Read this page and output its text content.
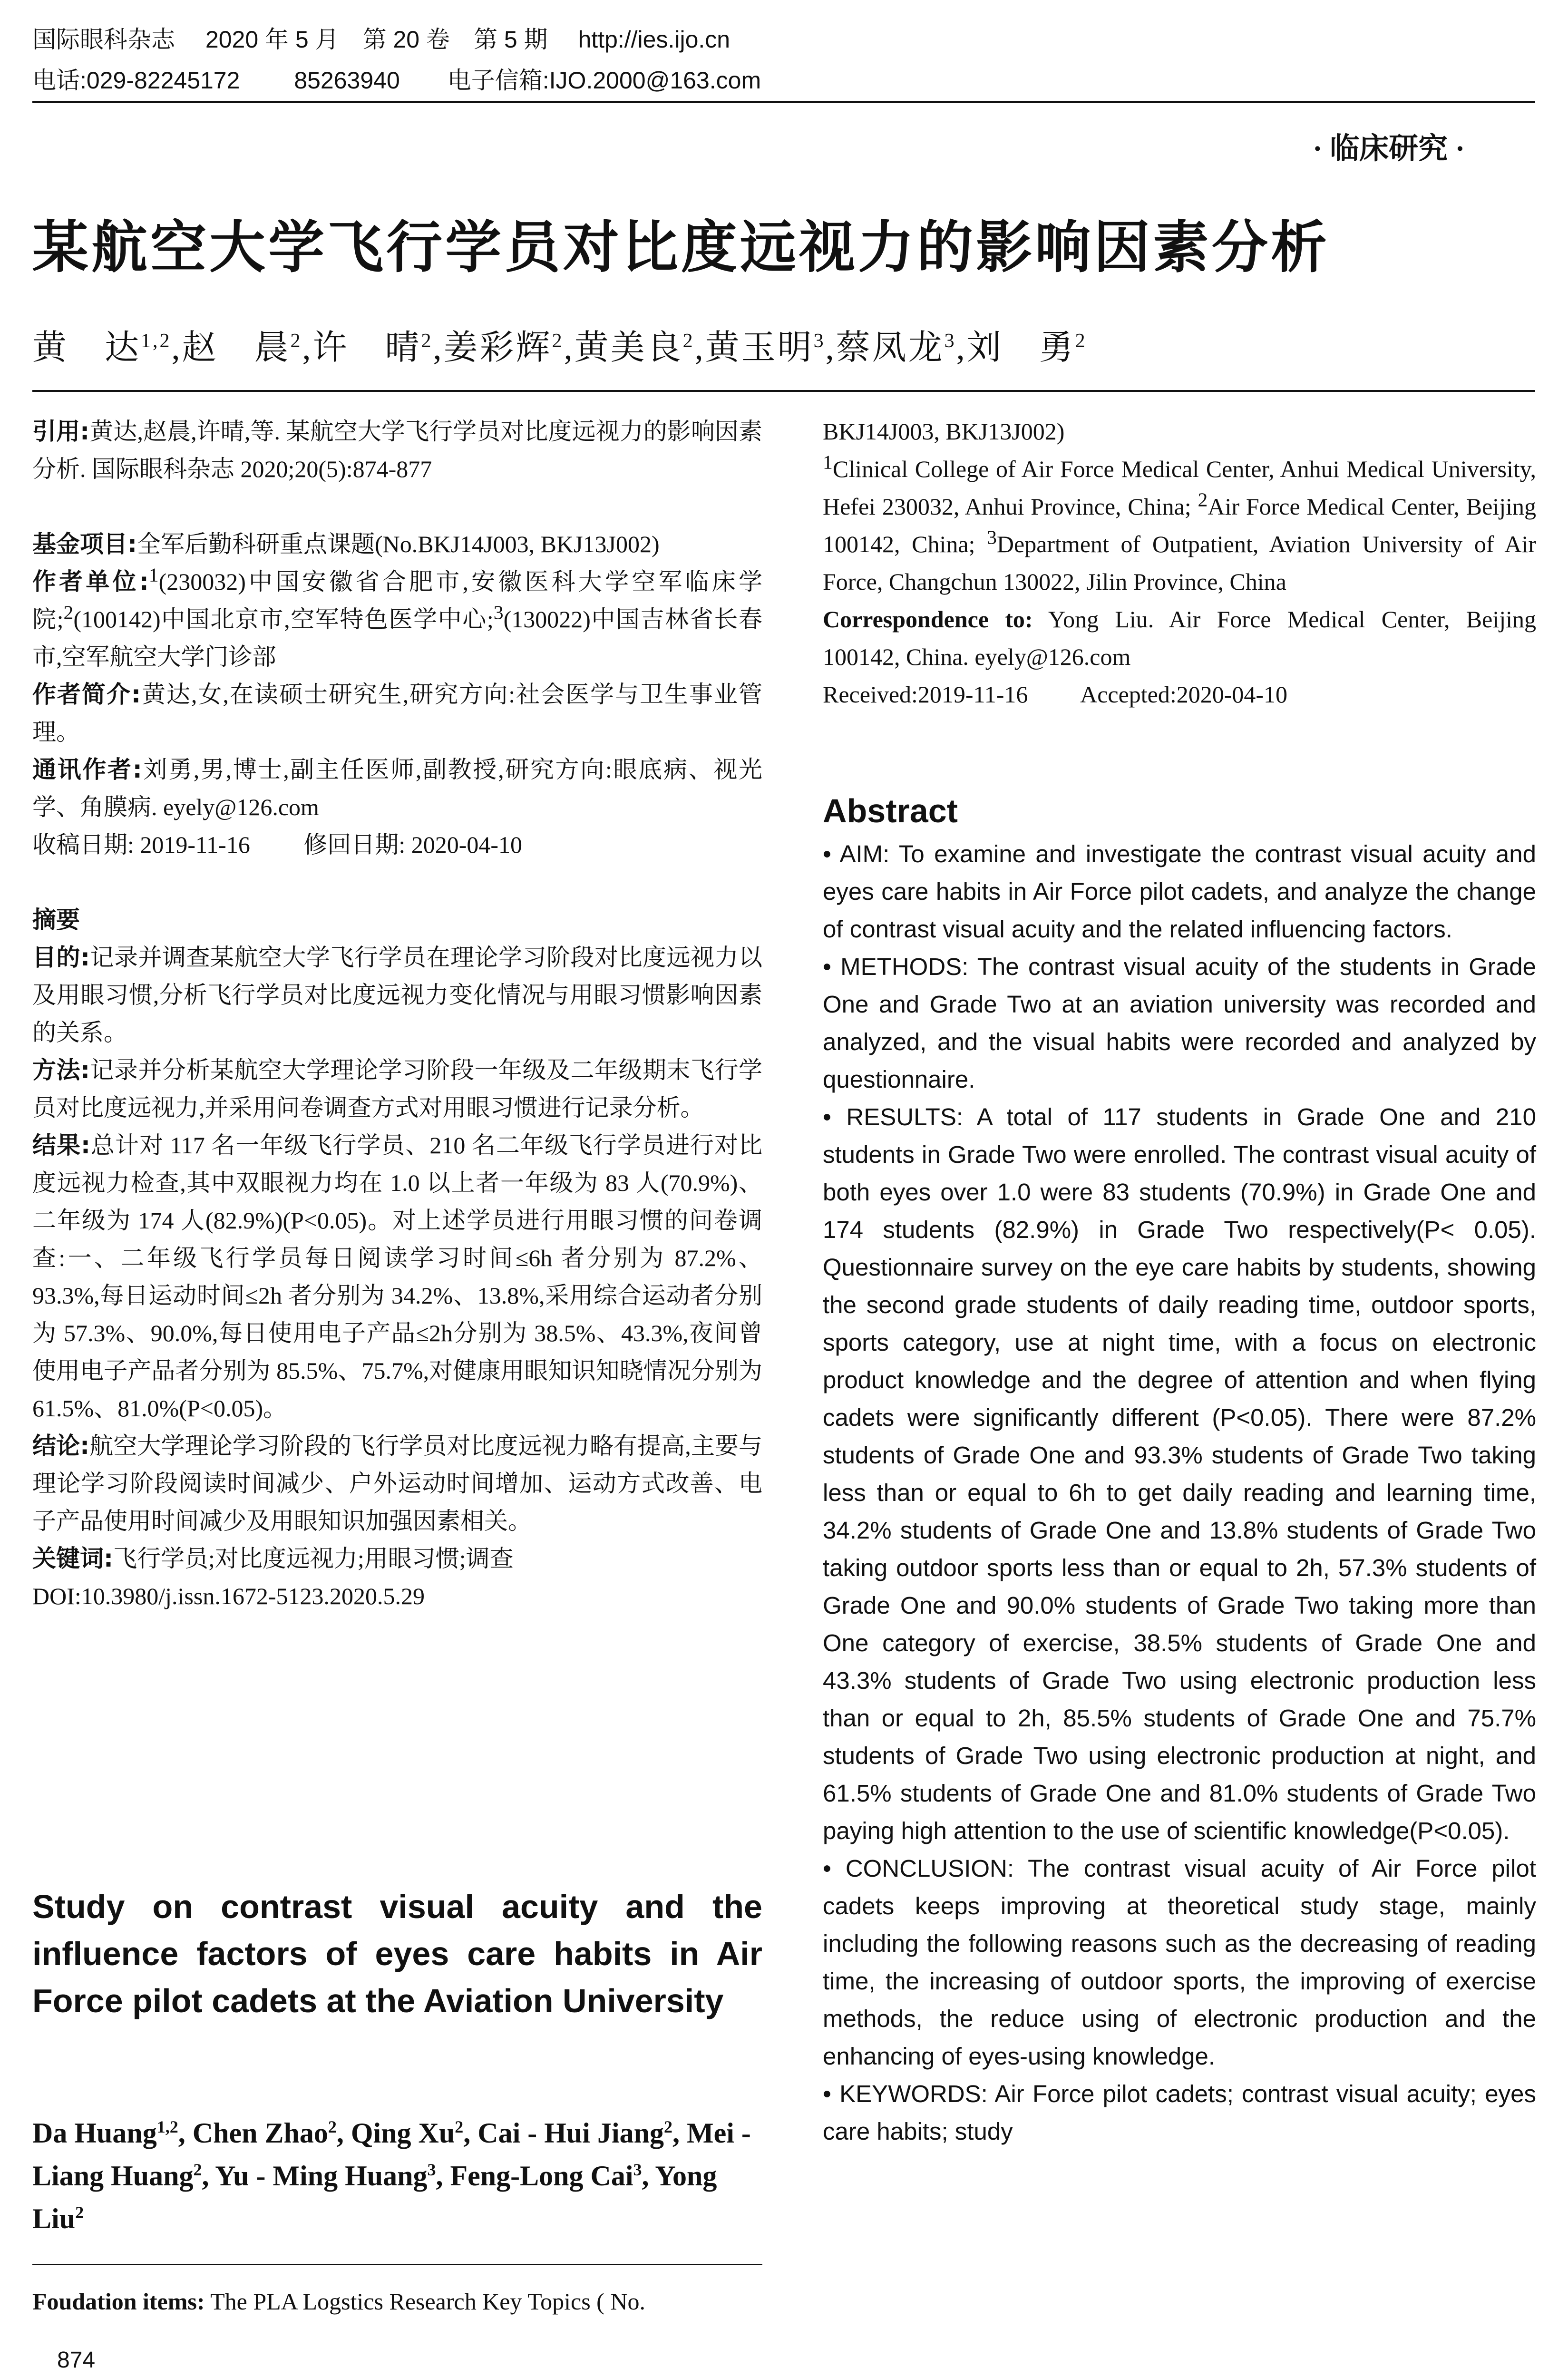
国际眼科杂志　 2020 年 5 月　第 20 卷　第 5 期　 http://ies.ijo.cn
电话:029-82245172　　 85263940　　电子信箱:IJO.2000@163.com
· 临床研究 ·
某航空大学飞行学员对比度远视力的影响因素分析
黄　达$^{1,2}$,赵　晨$^2$,许　晴$^2$,姜彩辉$^2$,黄美良$^2$,黄玉明$^3$,蔡凤龙$^3$,刘　勇$^2$

引用:黄达,赵晨,许晴,等. 某航空大学飞行学员对比度远视力的影响因素分析. 国际眼科杂志 2020;20(5):874-877

基金项目:全军后勤科研重点课题(No.BKJ14J003, BKJ13J002)

作者单位:$^1$(230032)中国安徽省合肥市,安徽医科大学空军临床学院;$^2$(100142)中国北京市,空军特色医学中心;$^3$(130022)中国吉林省长春市,空军航空大学门诊部

作者简介:黄达,女,在读硕士研究生,研究方向:社会医学与卫生事业管理。

通讯作者:刘勇,男,博士,副主任医师,副教授,研究方向:眼底病、视光学、角膜病. eyely@126.com

收稿日期: 2019-11-16　　 修回日期: 2020-04-10

摘要

目的:记录并调查某航空大学飞行学员在理论学习阶段对比度远视力以及用眼习惯,分析飞行学员对比度远视力变化情况与用眼习惯影响因素的关系。

方法:记录并分析某航空大学理论学习阶段一年级及二年级期末飞行学员对比度远视力,并采用问卷调查方式对用眼习惯进行记录分析。

结果:总计对 117 名一年级飞行学员、210 名二年级飞行学员进行对比度远视力检查,其中双眼视力均在 1.0 以上者一年级为 83 人(70.9%)、二年级为 174 人(82.9%)(P<0.05)。对上述学员进行用眼习惯的问卷调查:一、二年级飞行学员每日阅读学习时间≤6h 者分别为 87.2%、93.3%,每日运动时间≤2h 者分别为 34.2%、13.8%,采用综合运动者分别为 57.3%、90.0%,每日使用电子产品≤2h分别为 38.5%、43.3%,夜间曾使用电子产品者分别为 85.5%、75.7%,对健康用眼知识知晓情况分别为 61.5%、81.0%(P<0.05)。

结论:航空大学理论学习阶段的飞行学员对比度远视力略有提高,主要与理论学习阶段阅读时间减少、户外运动时间增加、运动方式改善、电子产品使用时间减少及用眼知识加强因素相关。

关键词:飞行学员;对比度远视力;用眼习惯;调查

DOI:10.3980/j.issn.1672-5123.2020.5.29

Study on contrast visual acuity and the influence factors of eyes care habits in Air Force pilot cadets at the Aviation University
Da Huang$^{1,2}$, Chen Zhao$^2$, Qing Xu$^2$, Cai - Hui Jiang$^2$, Mei - Liang Huang$^2$, Yu - Ming Huang$^3$, Feng-Long Cai$^3$, Yong Liu$^2$
Foudation items: The PLA Logstics Research Key Topics ( No.
874

BKJ14J003, BKJ13J002)

$^1$Clinical College of Air Force Medical Center, Anhui Medical University, Hefei 230032, Anhui Province, China; $^2$Air Force Medical Center, Beijing 100142, China; $^3$Department of Outpatient, Aviation University of Air Force, Changchun 130022, Jilin Province, China

Correspondence to: Yong Liu. Air Force Medical Center, Beijing 100142, China. eyely@126.com

Received:2019-11-16　　 Accepted:2020-04-10

Abstract

• AIM: To examine and investigate the contrast visual acuity and eyes care habits in Air Force pilot cadets, and analyze the change of contrast visual acuity and the related influencing factors.

• METHODS: The contrast visual acuity of the students in Grade One and Grade Two at an aviation university was recorded and analyzed, and the visual habits were recorded and analyzed by questionnaire.

• RESULTS: A total of 117 students in Grade One and 210 students in Grade Two were enrolled. The contrast visual acuity of both eyes over 1.0 were 83 students (70.9%) in Grade One and 174 students (82.9%) in Grade Two respectively(P< 0.05). Questionnaire survey on the eye care habits by students, showing the second grade students of daily reading time, outdoor sports, sports category, use at night time, with a focus on electronic product knowledge and the degree of attention and when flying cadets were significantly different (P<0.05). There were 87.2% students of Grade One and 93.3% students of Grade Two taking less than or equal to 6h to get daily reading and learning time, 34.2% students of Grade One and 13.8% students of Grade Two taking outdoor sports less than or equal to 2h, 57.3% students of Grade One and 90.0% students of Grade Two taking more than One category of exercise, 38.5% students of Grade One and 43.3% students of Grade Two using electronic production less than or equal to 2h, 85.5% students of Grade One and 75.7% students of Grade Two using electronic production at night, and 61.5% students of Grade One and 81.0% students of Grade Two paying high attention to the use of scientific knowledge(P<0.05).

• CONCLUSION: The contrast visual acuity of Air Force pilot cadets keeps improving at theoretical study stage, mainly including the following reasons such as the decreasing of reading time, the increasing of outdoor sports, the improving of exercise methods, the reduce using of electronic production and the enhancing of eyes-using knowledge.

• KEYWORDS: Air Force pilot cadets; contrast visual acuity; eyes care habits; study
